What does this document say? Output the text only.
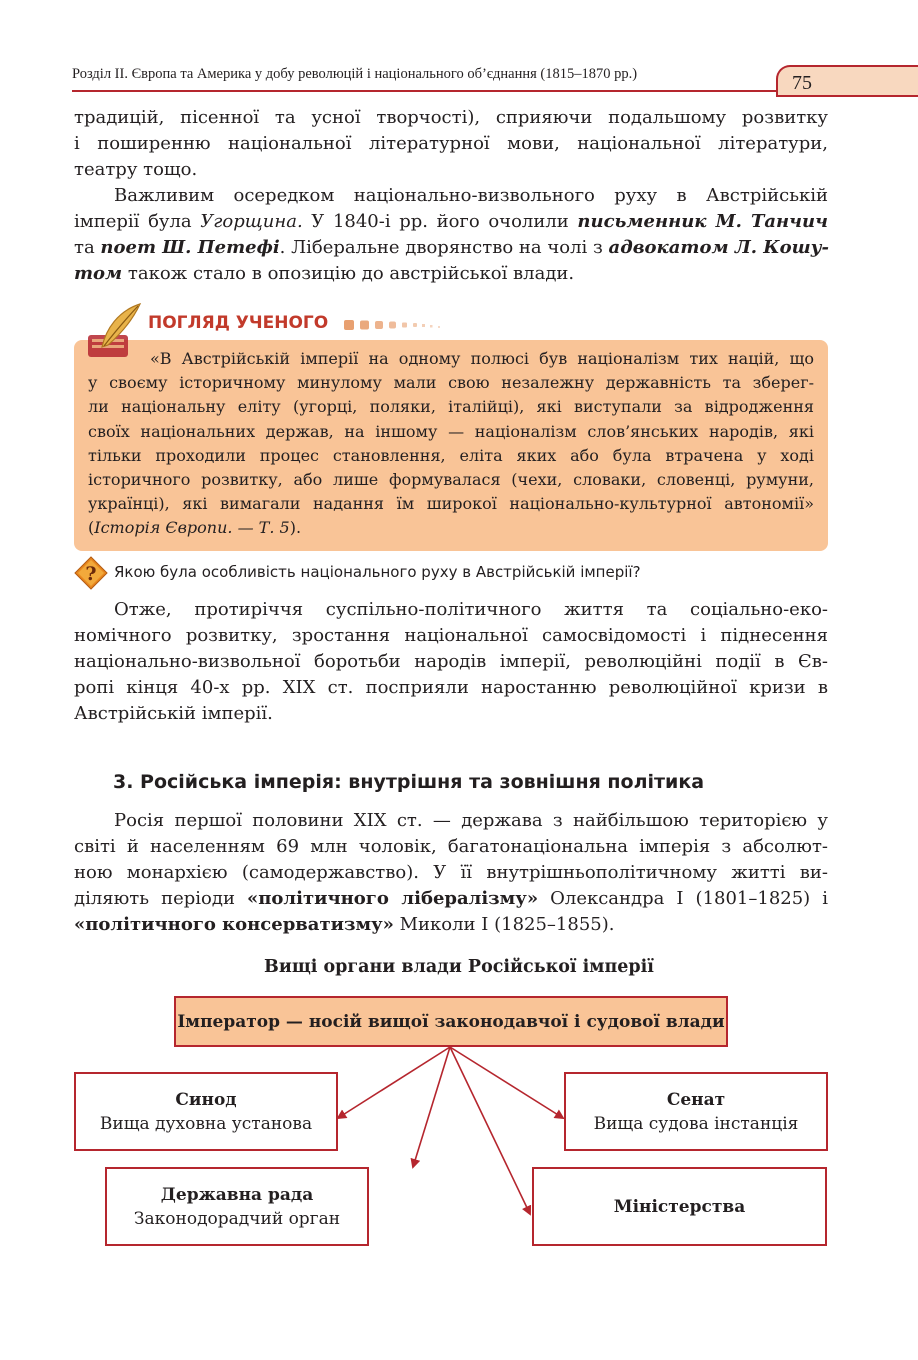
Розділ ІІ. Європа та Америка у добу революцій і національного об’єднання (1815–1870 рр.)	75
традицій, пісенної та усної творчості), сприяючи подальшому розвитку
і поширенню національної літературної мови, національної літератури,
театру тощо.
Важливим осередком національно-визвольного руху в Австрійській
імперії була Угорщина. У 1840-і рр. його очолили письменник М. Танчич
та поет Ш. Петефі. Ліберальне дворянство на чолі з адвокатом Л. Кошу-
том також стало в опозицію до австрійської влади.
ПОГЛЯД УЧЕНОГО
«В Австрійській імперії на одному полюсі був націоналізм тих націй, що
у своєму історичному минулому мали свою незалежну державність та зберег-
ли національну еліту (угорці, поляки, італійці), які виступали за відродження
своїх національних держав, на іншому — націоналізм слов’янських народів, які
тільки проходили процес становлення, еліта яких або була втрачена у ході
історичного розвитку, або лише формувалася (чехи, словаки, словенці, румуни,
українці), які вимагали надання їм широкої національно-культурної автономії»
(Історія Європи. — Т. 5).
? Якою була особливість національного руху в Австрійській імперії?
Отже, протиріччя суспільно-політичного життя та соціально-еко-
номічного розвитку, зростання національної самосвідомості і піднесення
національно-визвольної боротьби народів імперії, революційні події в Єв-
ропі кінця 40-х рр. XIX ст. посприяли наростанню революційної кризи в
Австрійській імперії.
3. Російська імперія: внутрішня та зовнішня політика
Росія першої половини XIX ст. — держава з найбільшою територією у
світі й населенням 69 млн чоловік, багатонаціональна імперія з абсолют-
ною монархією (самодержавство). У її внутрішньополітичному житті ви-
діляють періоди «політичного лібералізму» Олександра І (1801–1825) і
«політичного консерватизму» Миколи І (1825–1855).
Вищі органи влади Російської імперії
Імператор — носій вищої законодавчої і судової влади
Синод
Вища духовна установа
Сенат
Вища судова інстанція
Державна рада
Законодорадчий орган
Міністерства
